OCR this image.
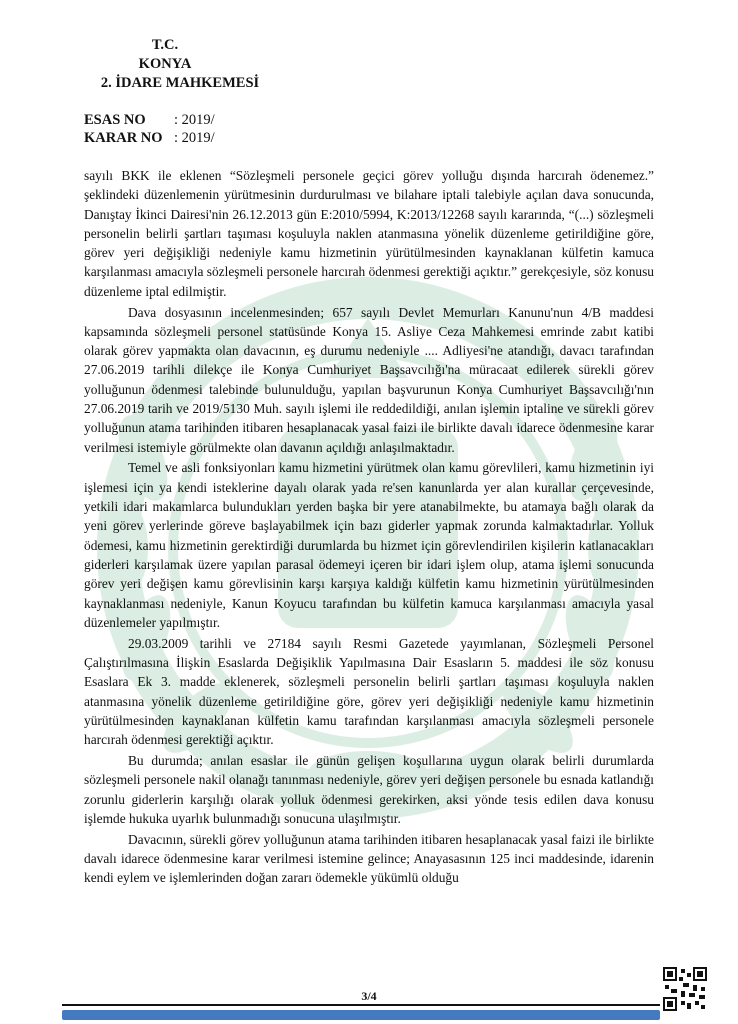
T.C.
KONYA
2. İDARE MAHKEMESİ
ESAS NO	: 2019/
KARAR NO : 2019/

sayılı BKK ile eklenen “Sözleşmeli personele geçici görev yolluğu dışında harcırah ödenemez.” şeklindeki düzenlemenin yürütmesinin durdurulması ve bilahare iptali talebiyle açılan dava sonucunda, Danıştay İkinci Dairesi'nin 26.12.2013 gün E:2010/5994, K:2013/12268 sayılı kararında, “(...) sözleşmeli personelin belirli şartları taşıması koşuluyla naklen atanmasına yönelik düzenleme getirildiğine göre, görev yeri değişikliği nedeniyle kamu hizmetinin yürütülmesinden kaynaklanan külfetin kamuca karşılanması amacıyla sözleşmeli personele harcırah ödenmesi gerektiği açıktır.” gerekçesiyle, söz konusu düzenleme iptal edilmiştir.

Dava dosyasının incelenmesinden; 657 sayılı Devlet Memurları Kanunu'nun 4/B maddesi kapsamında sözleşmeli personel statüsünde Konya 15. Asliye Ceza Mahkemesi emrinde zabıt katibi olarak görev yapmakta olan davacının, eş durumu nedeniyle .... Adliyesi'ne atandığı, davacı tarafından 27.06.2019 tarihli dilekçe ile Konya Cumhuriyet Başsavcılığı'na müracaat edilerek sürekli görev yolluğunun ödenmesi talebinde bulunulduğu, yapılan başvurunun Konya Cumhuriyet Başsavcılığı'nın 27.06.2019 tarih ve 2019/5130 Muh. sayılı işlemi ile reddedildiği, anılan işlemin iptaline ve sürekli görev yolluğunun atama tarihinden itibaren hesaplanacak yasal faizi ile birlikte davalı idarece ödenmesine karar verilmesi istemiyle görülmekte olan davanın açıldığı anlaşılmaktadır.

Temel ve asli fonksiyonları kamu hizmetini yürütmek olan kamu görevlileri, kamu hizmetinin iyi işlemesi için ya kendi isteklerine dayalı olarak yada re'sen kanunlarda yer alan kurallar çerçevesinde, yetkili idari makamlarca bulundukları yerden başka bir yere atanabilmekte, bu atamaya bağlı olarak da yeni görev yerlerinde göreve başlayabilmek için bazı giderler yapmak zorunda kalmaktadırlar. Yolluk ödemesi, kamu hizmetinin gerektirdiği durumlarda bu hizmet için görevlendirilen kişilerin katlanacakları giderleri karşılamak üzere yapılan parasal ödemeyi içeren bir idari işlem olup, atama işlemi sonucunda görev yeri değişen kamu görevlisinin karşı karşıya kaldığı külfetin kamu hizmetinin yürütülmesinden kaynaklanması nedeniyle, Kanun Koyucu tarafından bu külfetin kamuca karşılanması amacıyla yasal düzenlemeler yapılmıştır.

29.03.2009 tarihli ve 27184 sayılı Resmi Gazetede yayımlanan, Sözleşmeli Personel Çalıştırılmasına İlişkin Esaslarda Değişiklik Yapılmasına Dair Esasların 5. maddesi ile söz konusu Esaslara Ek 3. madde eklenerek, sözleşmeli personelin belirli şartları taşıması koşuluyla naklen atanmasına yönelik düzenleme getirildiğine göre, görev yeri değişikliği nedeniyle kamu hizmetinin yürütülmesinden kaynaklanan külfetin kamu tarafından karşılanması amacıyla sözleşmeli personele harcırah ödenmesi gerektiği açıktır.

Bu durumda; anılan esaslar ile günün gelişen koşullarına uygun olarak belirli durumlarda sözleşmeli personele nakil olanağı tanınması nedeniyle, görev yeri değişen personele bu esnada katlandığı zorunlu giderlerin karşılığı olarak yolluk ödenmesi gerekirken, aksi yönde tesis edilen dava konusu işlemde hukuka uyarlık bulunmadığı sonucuna ulaşılmıştır.

Davacının, sürekli görev yolluğunun atama tarihinden itibaren hesaplanacak yasal faizi ile birlikte davalı idarece ödenmesine karar verilmesi istemine gelince; Anayasasının 125 inci maddesinde, idarenin kendi eylem ve işlemlerinden doğan zararı ödemekle yükümlü olduğu

3/4
